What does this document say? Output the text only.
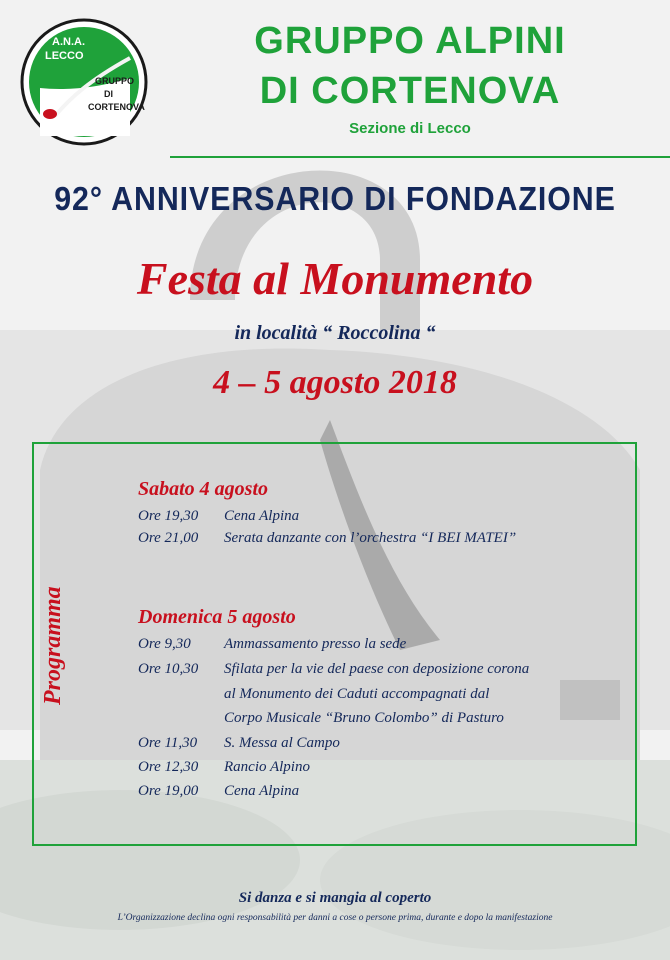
A.N.A.
LECCO
GRUPPO
DI
CORTENOVA
GRUPPO ALPINI
DI CORTENOVA
Sezione di Lecco
92° ANNIVERSARIO DI FONDAZIONE
Festa al Monumento
in località “ Roccolina “
4 – 5 agosto 2018
Programma
Sabato 4 agosto
Ore 19,30 Cena Alpina
Ore 21,00 Serata danzante con l’orchestra “I BEI MATEI”
Domenica 5 agosto
Ore 9,30 Ammassamento presso la sede
Ore 10,30 Sfilata per la vie del paese con deposizione corona
al Monumento dei Caduti accompagnati dal
Corpo Musicale “Bruno Colombo” di Pasturo
Ore 11,30 S. Messa al Campo
Ore 12,30 Rancio Alpino
Ore 19,00 Cena Alpina
Si danza e si mangia al coperto
L’Organizzazione declina ogni responsabilità per danni a cose o persone prima, durante e dopo la manifestazione
